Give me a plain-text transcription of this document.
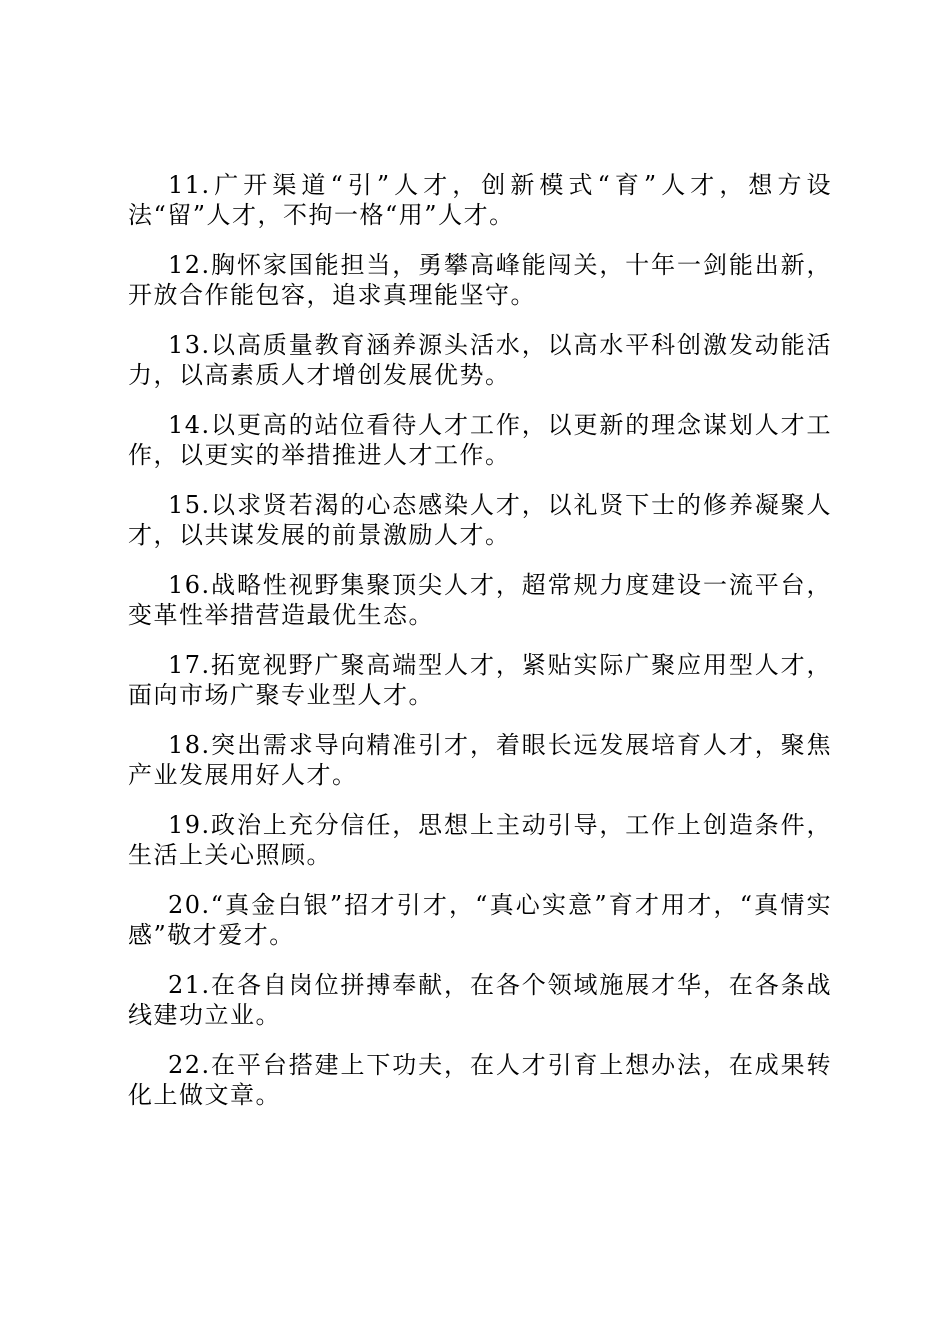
11.广开渠道“引”人才，创新模式“育”人才，想方设法“留”人才，不拘一格“用”人才。

12.胸怀家国能担当，勇攀高峰能闯关，十年一剑能出新，开放合作能包容，追求真理能坚守。

13.以高质量教育涵养源头活水，以高水平科创激发动能活力，以高素质人才增创发展优势。

14.以更高的站位看待人才工作，以更新的理念谋划人才工作，以更实的举措推进人才工作。

15.以求贤若渴的心态感染人才，以礼贤下士的修养凝聚人才，以共谋发展的前景激励人才。

16.战略性视野集聚顶尖人才，超常规力度建设一流平台，变革性举措营造最优生态。

17.拓宽视野广聚高端型人才，紧贴实际广聚应用型人才，面向市场广聚专业型人才。

18.突出需求导向精准引才，着眼长远发展培育人才，聚焦产业发展用好人才。

19.政治上充分信任，思想上主动引导，工作上创造条件，生活上关心照顾。

20.“真金白银”招才引才，“真心实意”育才用才，“真情实感”敬才爱才。

21.在各自岗位拼搏奉献，在各个领域施展才华，在各条战线建功立业。

22.在平台搭建上下功夫，在人才引育上想办法，在成果转化上做文章。
